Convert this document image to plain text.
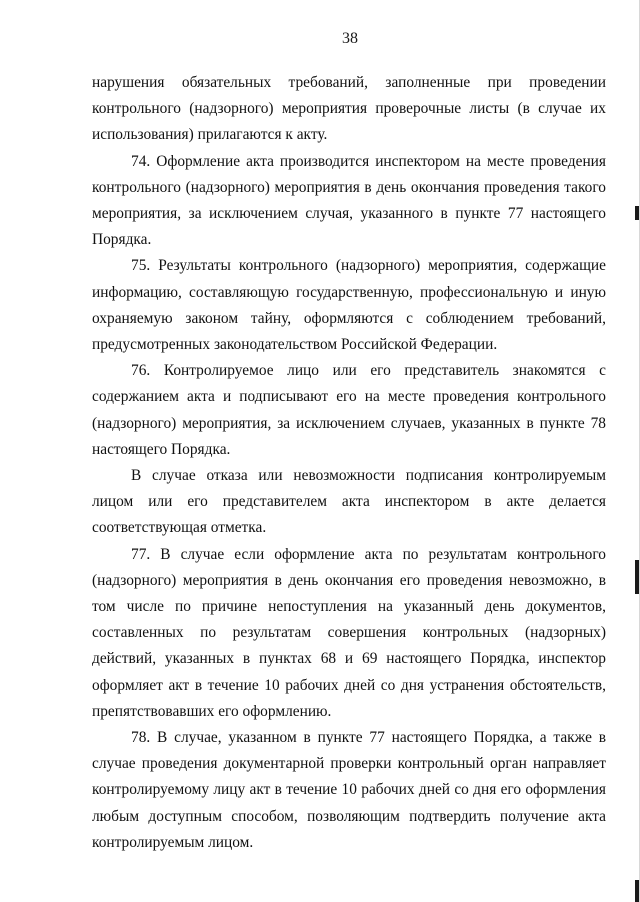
38

нарушения обязательных требований, заполненные при проведении контрольного (надзорного) мероприятия проверочные листы (в случае их использования) прилагаются к акту.

74. Оформление акта производится инспектором на месте проведения контрольного (надзорного) мероприятия в день окончания проведения такого мероприятия, за исключением случая, указанного в пункте 77 настоящего Порядка.

75. Результаты контрольного (надзорного) мероприятия, содержащие информацию, составляющую государственную, профессиональную и иную охраняемую законом тайну, оформляются с соблюдением требований, предусмотренных законодательством Российской Федерации.

76. Контролируемое лицо или его представитель знакомятся с содержанием акта и подписывают его на месте проведения контрольного (надзорного) мероприятия, за исключением случаев, указанных в пункте 78 настоящего Порядка.

В случае отказа или невозможности подписания контролируемым лицом или его представителем акта инспектором в акте делается соответствующая отметка.

77. В случае если оформление акта по результатам контрольного (надзорного) мероприятия в день окончания его проведения невозможно, в том числе по причине непоступления на указанный день документов, составленных по результатам совершения контрольных (надзорных) действий, указанных в пунктах 68 и 69 настоящего Порядка, инспектор оформляет акт в течение 10 рабочих дней со дня устранения обстоятельств, препятствовавших его оформлению.

78. В случае, указанном в пункте 77 настоящего Порядка, а также в случае проведения документарной проверки контрольный орган направляет контролируемому лицу акт в течение 10 рабочих дней со дня его оформления любым доступным способом, позволяющим подтвердить получение акта контролируемым лицом.
